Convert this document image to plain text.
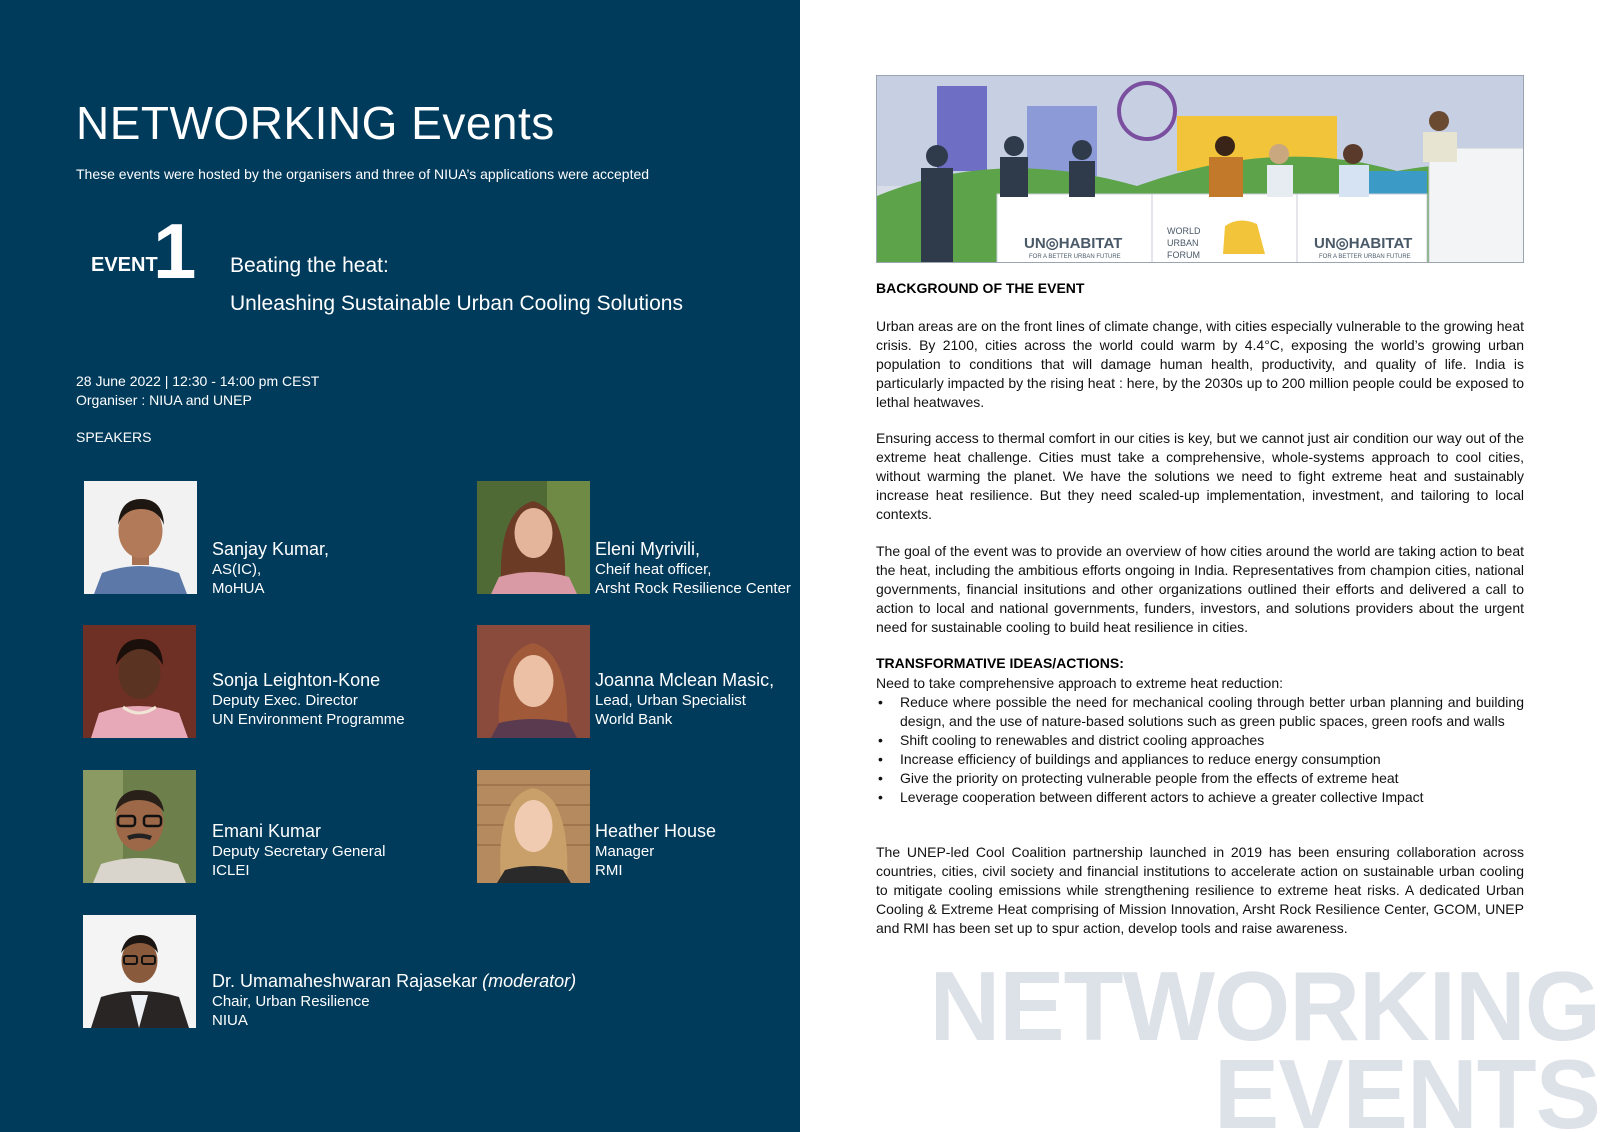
NETWORKING Events
These events were hosted by the organisers and three of NIUA’s applications were accepted
EVENT
1 Beating the heat:
Unleashing Sustainable Urban Cooling Solutions
28 June 2022 | 12:30 - 14:00 pm CEST
Organiser : NIUA and UNEP
SPEAKERS
Sanjay Kumar,
AS(IC),
MoHUA
Eleni Myrivili,
Cheif heat officer,
Arsht Rock Resilience Center
Sonja Leighton-Kone
Deputy Exec. Director
UN Environment Programme
Joanna Mclean Masic,
Lead, Urban Specialist
World Bank
Emani Kumar
Deputy Secretary General
ICLEI
Heather House
Manager
RMI
Dr. Umamaheshwaran Rajasekar (moderator)
Chair, Urban Resilience
NIUA
UN◎HABITAT
FOR A BETTER URBAN FUTURE
WORLD
URBAN
FORUM
UN◎HABITAT
FOR A BETTER URBAN FUTURE
BACKGROUND OF THE EVENT

Urban areas are on the front lines of climate change, with cities especially vulnerable to the growing heat crisis. By 2100, cities across the world could warm by 4.4°C, exposing the world’s growing urban population to conditions that will damage human health, productivity, and quality of life. India is particularly impacted by the rising heat : here, by the 2030s up to 200 million people could be exposed to lethal heatwaves.

Ensuring access to thermal comfort in our cities is key, but we cannot just air condition our way out of the extreme heat challenge. Cities must take a comprehensive, whole-systems approach to cool cities, without warming the planet. We have the solutions we need to fight extreme heat and sustainably increase heat resilience. But they need scaled-up implementation, investment, and tailoring to local contexts.

The goal of the event was to provide an overview of how cities around the world are taking action to beat the heat, including the ambitious efforts ongoing in India. Representatives from champion cities, national governments, financial insitutions and other organizations outlined their efforts and delivered a call to action to local and national governments, funders, investors, and solutions providers about the urgent need for sustainable cooling to build heat resilience in cities.

TRANSFORMATIVE IDEAS/ACTIONS:

Need to take comprehensive approach to extreme heat reduction:

• Reduce where possible the need for mechanical cooling through better urban planning and building design, and the use of nature-based solutions such as green public spaces, green roofs and walls
• Shift cooling to renewables and district cooling approaches
• Increase efficiency of buildings and appliances to reduce energy consumption
• Give the priority on protecting vulnerable people from the effects of extreme heat
• Leverage cooperation between different actors to achieve a greater collective Impact

The UNEP-led Cool Coalition partnership launched in 2019 has been ensuring collaboration across countries, cities, civil society and financial institutions to accelerate action on sustainable urban cooling to mitigate cooling emissions while strengthening resilience to extreme heat risks. A dedicated Urban Cooling & Extreme Heat comprising of Mission Innovation, Arsht Rock Resilience Center, GCOM, UNEP and RMI has been set up to spur action, develop tools and raise awareness.

NETWORKING
EVENTS
